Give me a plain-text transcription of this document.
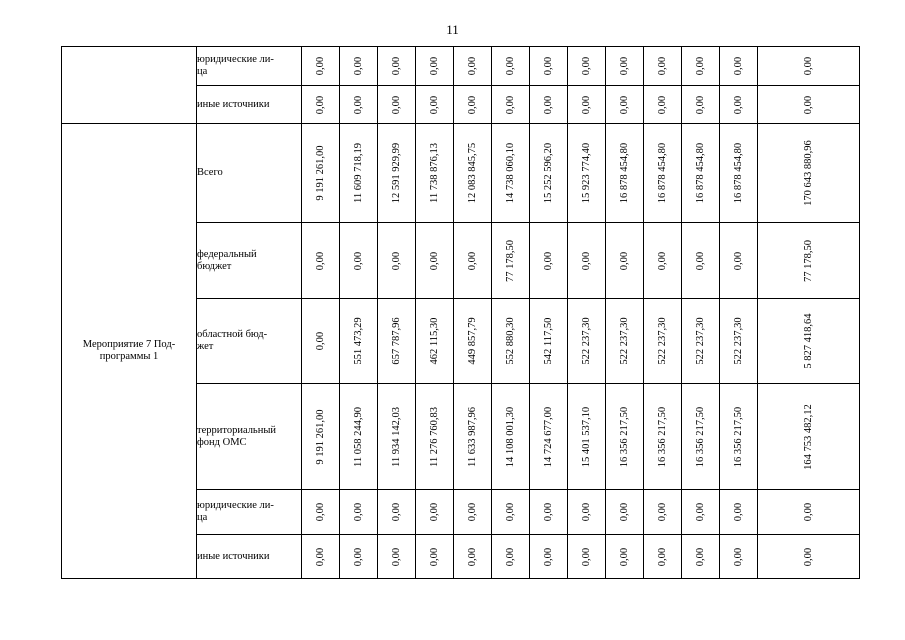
11
	юридические ли-
ца	0,00	0,00	0,00	0,00	0,00	0,00	0,00	0,00	0,00	0,00	0,00	0,00	0,00

	иные источники	0,00	0,00	0,00	0,00	0,00	0,00	0,00	0,00	0,00	0,00	0,00	0,00	0,00

Мероприятие 7 Под-
программы 1	Всего	9 191 261,00	11 609 718,19	12 591 929,99	11 738 876,13	12 083 845,75	14 738 060,10	15 252 596,20	15 923 774,40	16 878 454,80	16 878 454,80	16 878 454,80	16 878 454,80	170 643 880,96

	федеральный
бюджет	0,00	0,00	0,00	0,00	0,00	77 178,50	0,00	0,00	0,00	0,00	0,00	0,00	77 178,50

	областной бюд-
жет	0,00	551 473,29	657 787,96	462 115,30	449 857,79	552 880,30	542 117,50	522 237,30	522 237,30	522 237,30	522 237,30	522 237,30	5 827 418,64

	территориальный
фонд ОМС	9 191 261,00	11 058 244,90	11 934 142,03	11 276 760,83	11 633 987,96	14 108 001,30	14 724 677,00	15 401 537,10	16 356 217,50	16 356 217,50	16 356 217,50	16 356 217,50	164 753 482,12

	юридические ли-
ца	0,00	0,00	0,00	0,00	0,00	0,00	0,00	0,00	0,00	0,00	0,00	0,00	0,00

	иные источники	0,00	0,00	0,00	0,00	0,00	0,00	0,00	0,00	0,00	0,00	0,00	0,00	0,00
